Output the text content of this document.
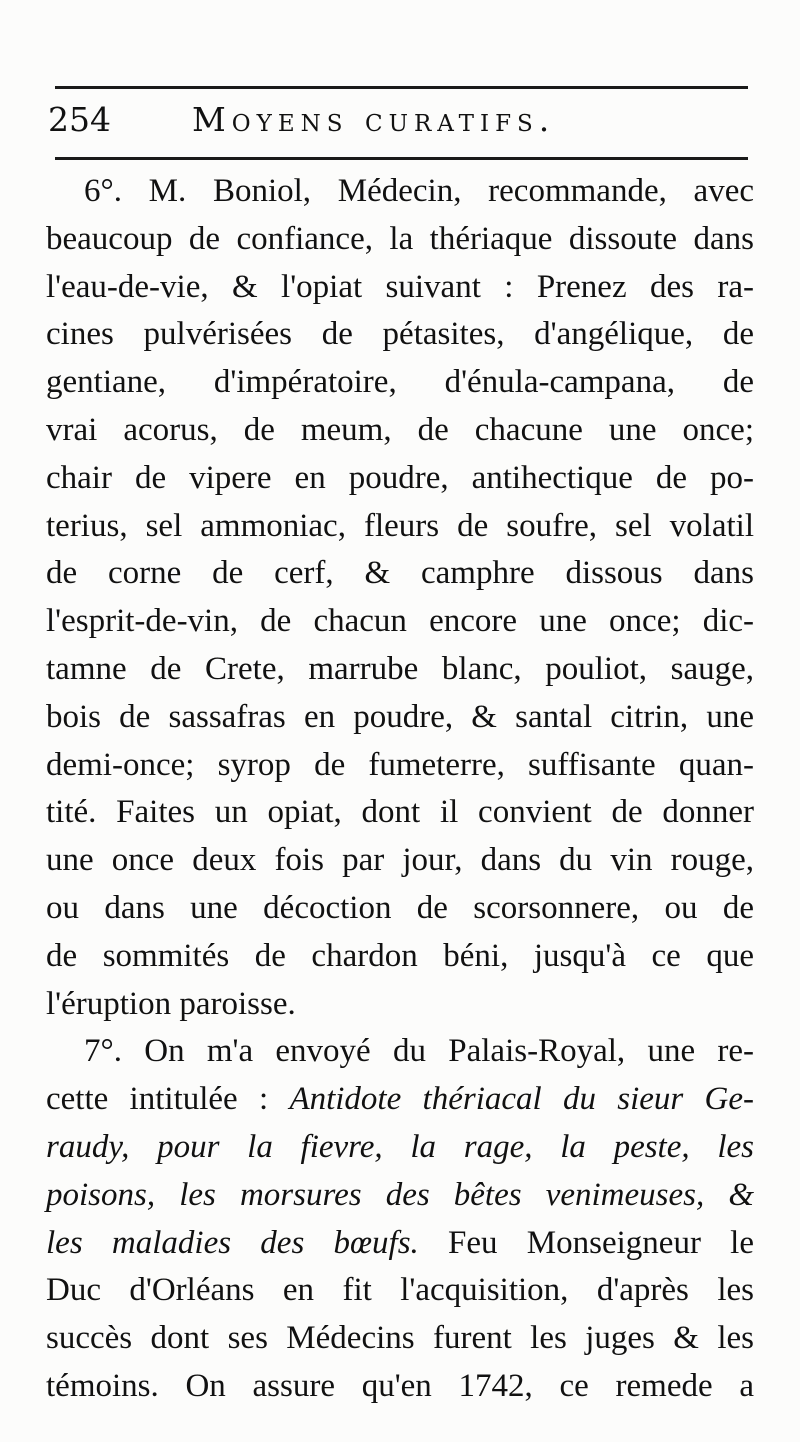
254 Moyens curatifs.
6°. M. Boniol, Médecin, recommande, avec
beaucoup de confiance, la thériaque dissoute dans
l'eau-de-vie, & l'opiat suivant : Prenez des ra-
cines pulvérisées de pétasites, d'angélique, de
gentiane, d'impératoire, d'énula-campana, de
vrai acorus, de meum, de chacune une once;
chair de vipere en poudre, antihectique de po-
terius, sel ammoniac, fleurs de soufre, sel volatil
de corne de cerf, & camphre dissous dans
l'esprit-de-vin, de chacun encore une once; dic-
tamne de Crete, marrube blanc, pouliot, sauge,
bois de sassafras en poudre, & santal citrin, une
demi-once; syrop de fumeterre, suffisante quan-
tité. Faites un opiat, dont il convient de donner
une once deux fois par jour, dans du vin rouge,
ou dans une décoction de scorsonnere, ou de
de sommités de chardon béni, jusqu'à ce que
l'éruption paroisse.
7°. On m'a envoyé du Palais-Royal, une re-
cette intitulée : Antidote thériacal du sieur Ge-
raudy, pour la fievre, la rage, la peste, les
poisons, les morsures des bêtes venimeuses, &
les maladies des bœufs. Feu Monseigneur le
Duc d'Orléans en fit l'acquisition, d'après les
succès dont ses Médecins furent les juges & les
témoins. On assure qu'en 1742, ce remede a
